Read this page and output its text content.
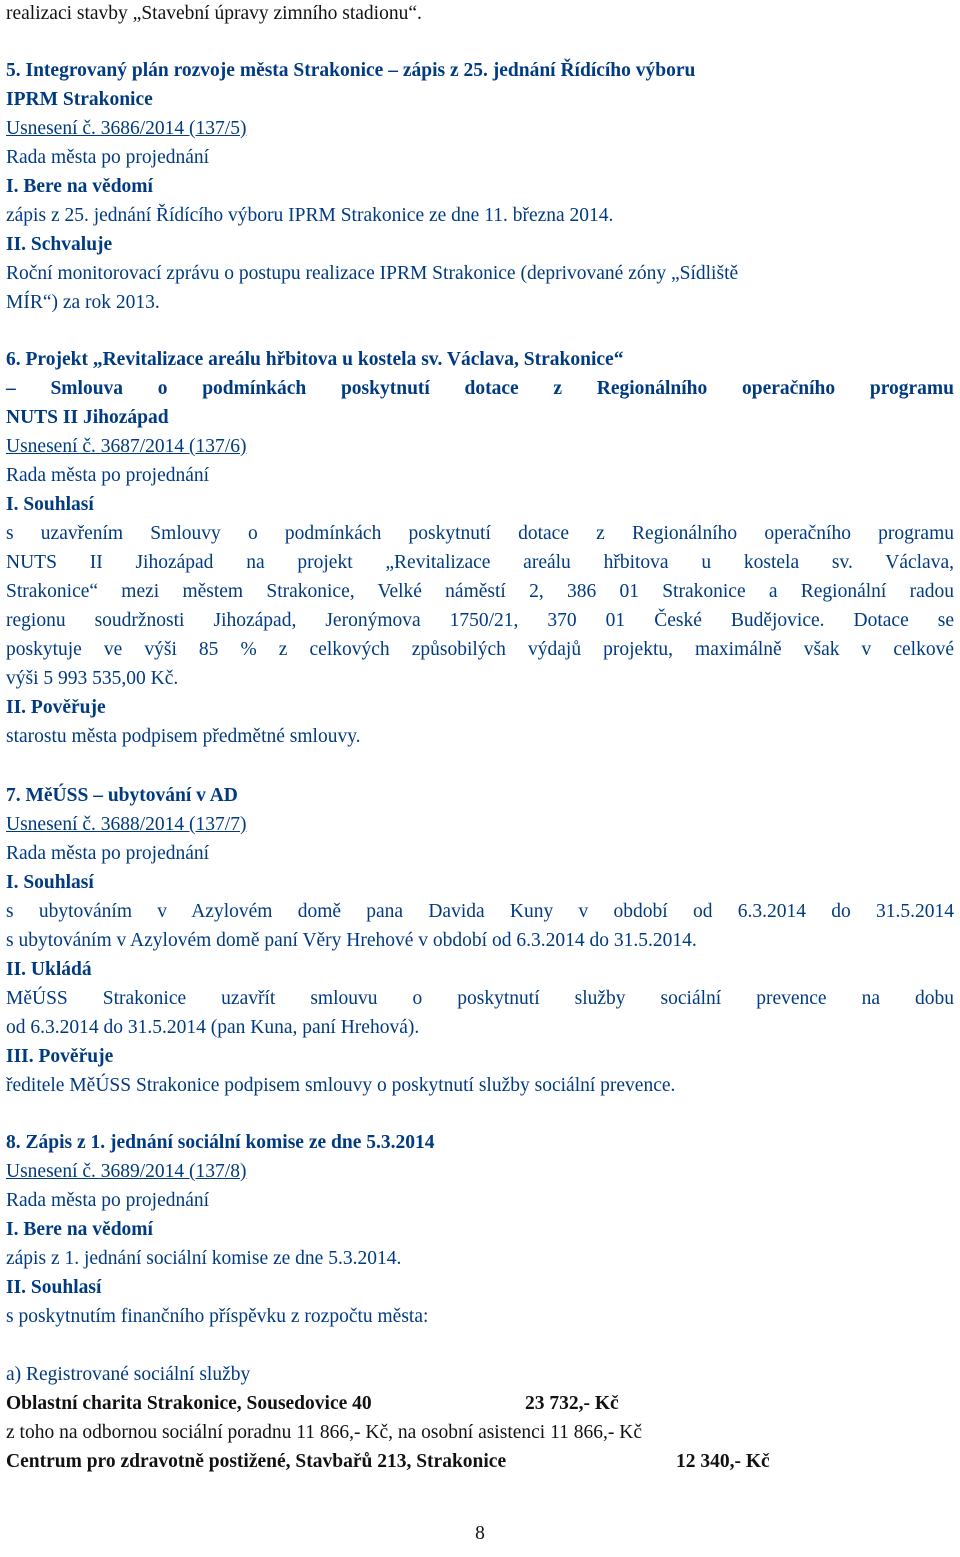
realizaci stavby „Stavební úpravy zimního stadionu“.
5. Integrovaný plán rozvoje města Strakonice – zápis z 25. jednání Řídícího výboru
IPRM Strakonice
Usnesení č. 3686/2014 (137/5)
Rada města po projednání
I. Bere na vědomí
zápis z 25. jednání Řídícího výboru IPRM Strakonice ze dne 11. března 2014.
II. Schvaluje
Roční monitorovací zprávu o postupu realizace IPRM Strakonice (deprivované zóny „Sídliště
MÍR“) za rok 2013.
6. Projekt „Revitalizace areálu hřbitova u kostela sv. Václava, Strakonice“
– Smlouva o podmínkách poskytnutí dotace z Regionálního operačního programu
NUTS II Jihozápad
Usnesení č. 3687/2014 (137/6)
Rada města po projednání
I. Souhlasí
s uzavřením Smlouvy o podmínkách poskytnutí dotace z Regionálního operačního programu
NUTS II Jihozápad na projekt „Revitalizace areálu hřbitova u kostela sv. Václava,
Strakonice“ mezi městem Strakonice, Velké náměstí 2, 386 01 Strakonice a Regionální radou
regionu soudržnosti Jihozápad, Jeronýmova 1750/21, 370 01 České Budějovice. Dotace se
poskytuje ve výši 85 % z celkových způsobilých výdajů projektu, maximálně však v celkové
výši 5 993 535,00 Kč.
II. Pověřuje
starostu města podpisem předmětné smlouvy.
7. MěÚSS – ubytování v AD
Usnesení č. 3688/2014 (137/7)
Rada města po projednání
I. Souhlasí
s ubytováním v Azylovém domě pana Davida Kuny v období od 6.3.2014 do 31.5.2014
s ubytováním v Azylovém domě paní Věry Hrehové v období od 6.3.2014 do 31.5.2014.
II. Ukládá
MěÚSS Strakonice uzavřít smlouvu o poskytnutí služby sociální prevence na dobu
od 6.3.2014 do 31.5.2014 (pan Kuna, paní Hrehová).
III. Pověřuje
ředitele MěÚSS Strakonice podpisem smlouvy o poskytnutí služby sociální prevence.
8. Zápis z 1. jednání sociální komise ze dne 5.3.2014
Usnesení č. 3689/2014 (137/8)
Rada města po projednání
I. Bere na vědomí
zápis z 1. jednání sociální komise ze dne 5.3.2014.
II. Souhlasí
s poskytnutím finančního příspěvku z rozpočtu města:
a) Registrované sociální služby
Oblastní charita Strakonice, Sousedovice 40	23 732,- Kč
z toho na odbornou sociální poradnu 11 866,- Kč, na osobní asistenci 11 866,- Kč
Centrum pro zdravotně postižené, Stavbařů 213, Strakonice	12 340,- Kč
8
